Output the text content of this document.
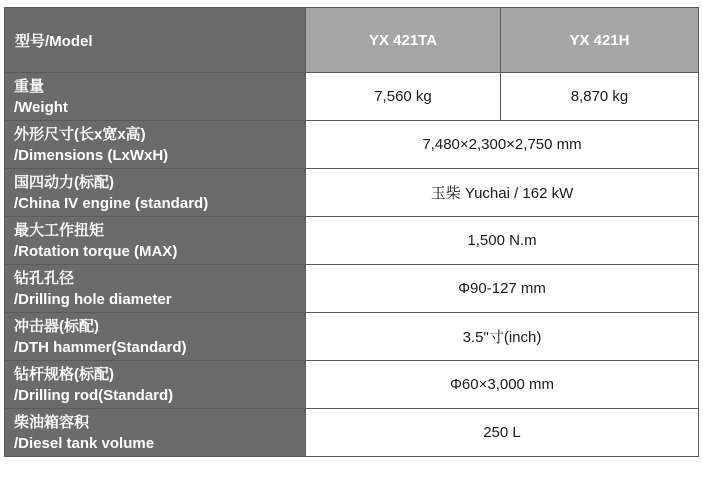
型号/Model	YX 421TA	YX 421H

重量
/Weight	7,560 kg	8,870 kg

外形尺寸(长x宽x高)
/Dimensions (LxWxH)	7,480×2,300×2,750 mm	

国四动力(标配)
/China IV engine (standard)	玉柴 Yuchai / 162 kW	

最大工作扭矩
/Rotation torque (MAX)	1,500 N.m	

钻孔孔径
/Drilling hole diameter	Φ90-127 mm	

冲击器(标配)
/DTH hammer(Standard)	3.5"寸(inch)	

钻杆规格(标配)
/Drilling rod(Standard)	Φ60×3,000 mm	

柴油箱容积
/Diesel tank volume	250 L	
